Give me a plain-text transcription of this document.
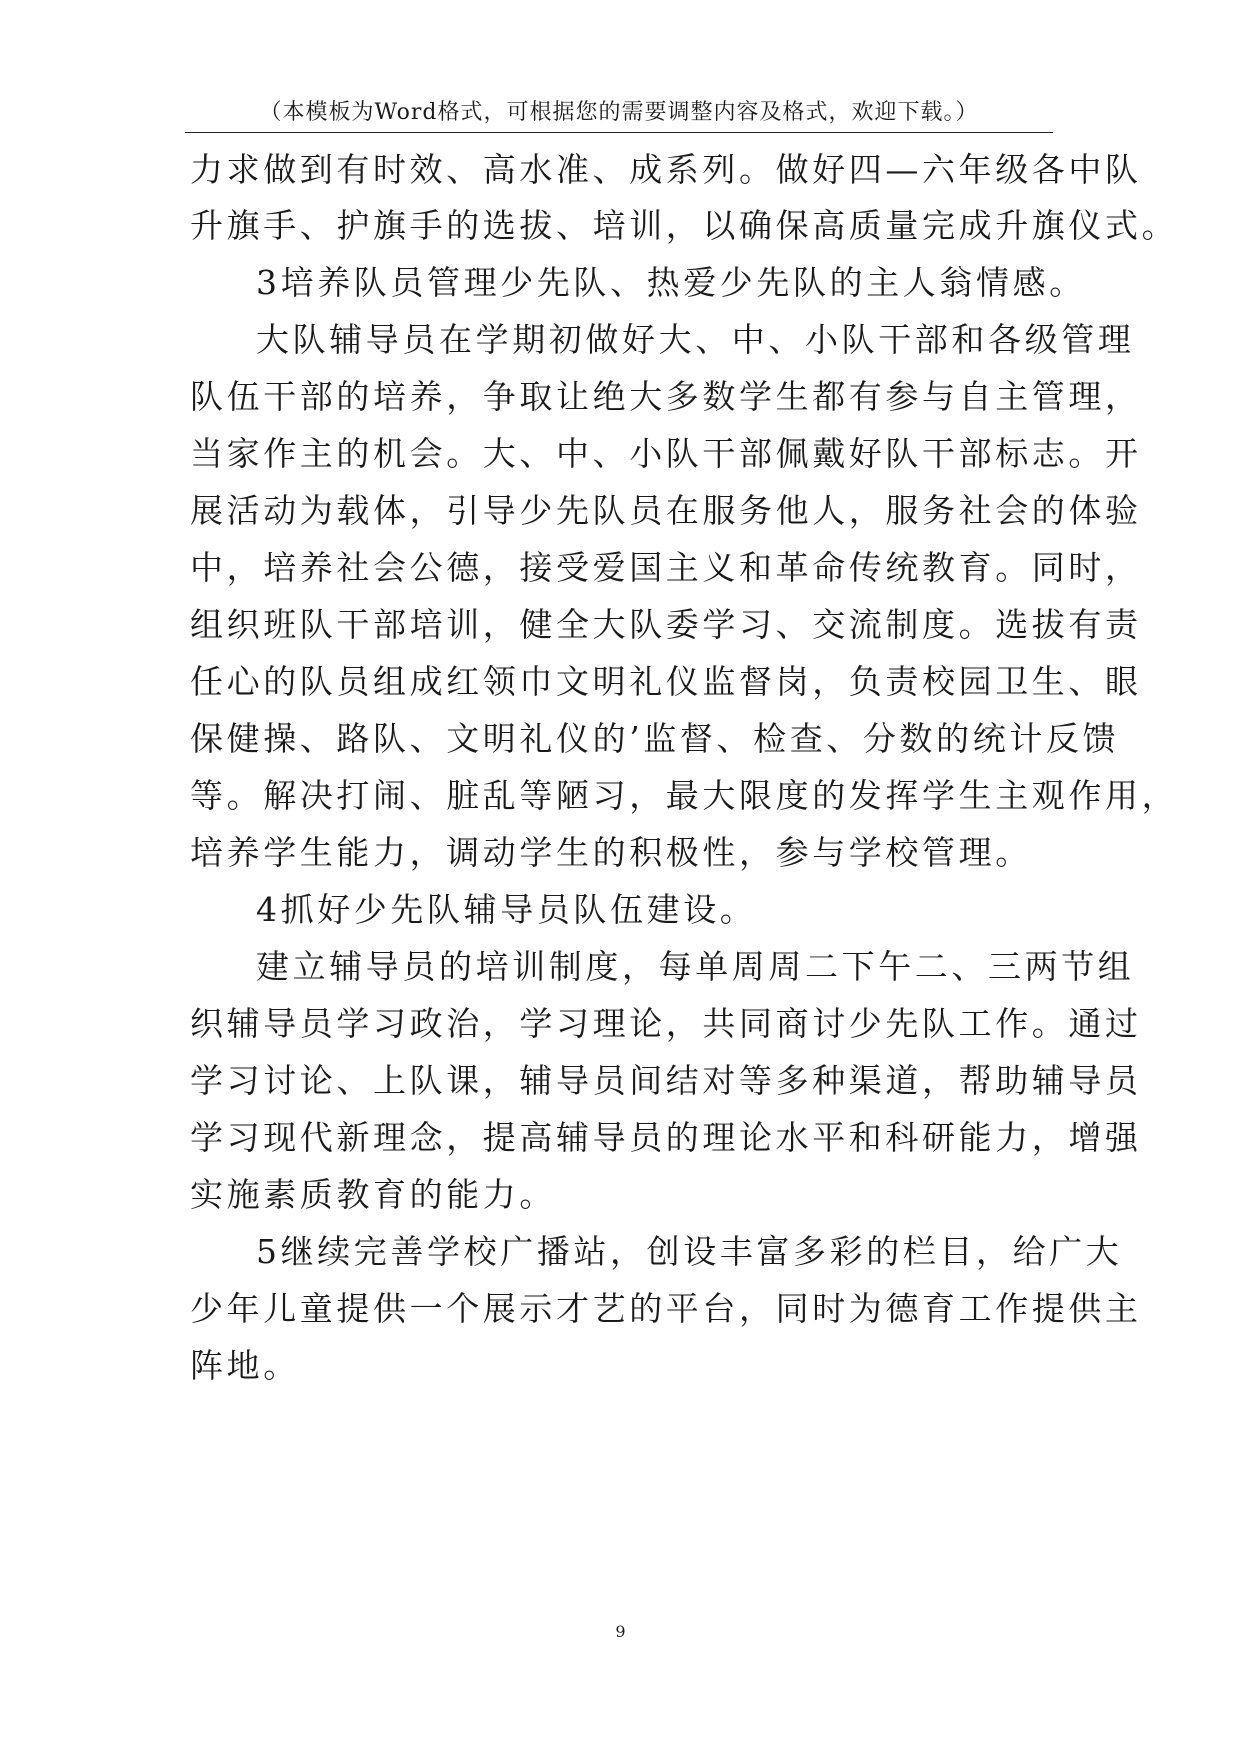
（本模板为Word格式，可根据您的需要调整内容及格式，欢迎下载。）
力求做到有时效、高水准、成系列。做好四—六年级各中队
升旗手、护旗手的选拔、培训，以确保高质量完成升旗仪式。
3培养队员管理少先队、热爱少先队的主人翁情感。
大队辅导员在学期初做好大、中、小队干部和各级管理
队伍干部的培养，争取让绝大多数学生都有参与自主管理，
当家作主的机会。大、中、小队干部佩戴好队干部标志。开
展活动为载体，引导少先队员在服务他人，服务社会的体验
中，培养社会公德，接受爱国主义和革命传统教育。同时，
组织班队干部培训，健全大队委学习、交流制度。选拔有责
任心的队员组成红领巾文明礼仪监督岗，负责校园卫生、眼
保健操、路队、文明礼仪的’监督、检查、分数的统计反馈
等。解决打闹、脏乱等陋习，最大限度的发挥学生主观作用，
培养学生能力，调动学生的积极性，参与学校管理。
4抓好少先队辅导员队伍建设。
建立辅导员的培训制度，每单周周二下午二、三两节组
织辅导员学习政治，学习理论，共同商讨少先队工作。通过
学习讨论、上队课，辅导员间结对等多种渠道，帮助辅导员
学习现代新理念，提高辅导员的理论水平和科研能力，增强
实施素质教育的能力。
5继续完善学校广播站，创设丰富多彩的栏目，给广大
少年儿童提供一个展示才艺的平台，同时为德育工作提供主
阵地。
9
